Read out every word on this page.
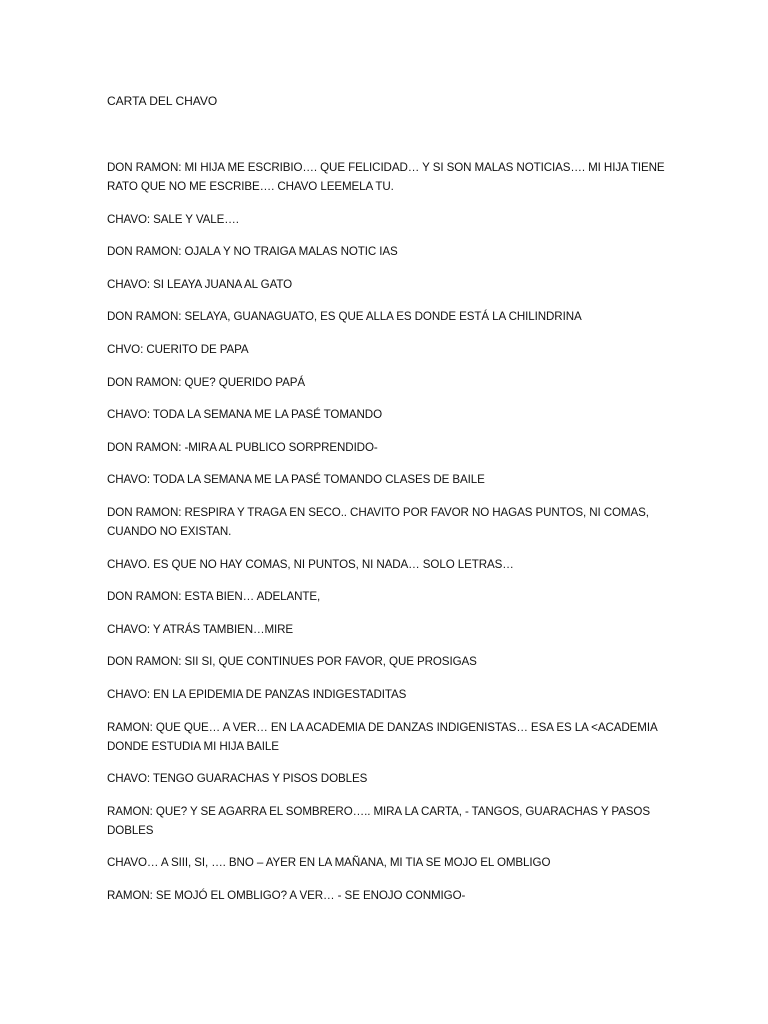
CARTA DEL CHAVO

DON RAMON: MI HIJA ME ESCRIBIO…. QUE FELICIDAD… Y SI SON MALAS NOTICIAS…. MI HIJA TIENE RATO QUE NO ME ESCRIBE…. CHAVO LEEMELA TU.

CHAVO: SALE Y VALE….

DON RAMON: OJALA Y NO TRAIGA MALAS NOTIC IAS

CHAVO: SI LEAYA JUANA AL GATO

DON RAMON: SELAYA, GUANAGUATO, ES QUE ALLA ES DONDE ESTÁ LA CHILINDRINA

CHVO: CUERITO DE PAPA

DON RAMON: QUE? QUERIDO PAPÁ

CHAVO: TODA LA SEMANA ME LA PASÉ TOMANDO

DON RAMON: -MIRA AL PUBLICO SORPRENDIDO-

CHAVO: TODA LA SEMANA ME LA PASÉ TOMANDO CLASES DE BAILE

DON RAMON: RESPIRA Y TRAGA EN SECO.. CHAVITO POR FAVOR NO HAGAS PUNTOS, NI COMAS, CUANDO NO EXISTAN.

CHAVO. ES QUE NO HAY COMAS, NI PUNTOS, NI NADA… SOLO LETRAS…

DON RAMON: ESTA BIEN… ADELANTE,

CHAVO: Y ATRÁS TAMBIEN…MIRE

DON RAMON: SII SI, QUE CONTINUES POR FAVOR, QUE PROSIGAS

CHAVO: EN LA EPIDEMIA DE PANZAS INDIGESTADITAS

RAMON: QUE QUE… A VER… EN LA ACADEMIA DE DANZAS INDIGENISTAS… ESA ES LA <ACADEMIA DONDE ESTUDIA MI HIJA BAILE

CHAVO: TENGO GUARACHAS Y PISOS DOBLES

RAMON: QUE? Y SE AGARRA EL SOMBRERO….. MIRA LA CARTA, - TANGOS, GUARACHAS Y PASOS DOBLES

CHAVO… A SIII, SI, …. BNO – AYER EN LA MAÑANA, MI TIA SE MOJO EL OMBLIGO

RAMON: SE MOJÓ EL OMBLIGO? A VER… - SE ENOJO CONMIGO-
